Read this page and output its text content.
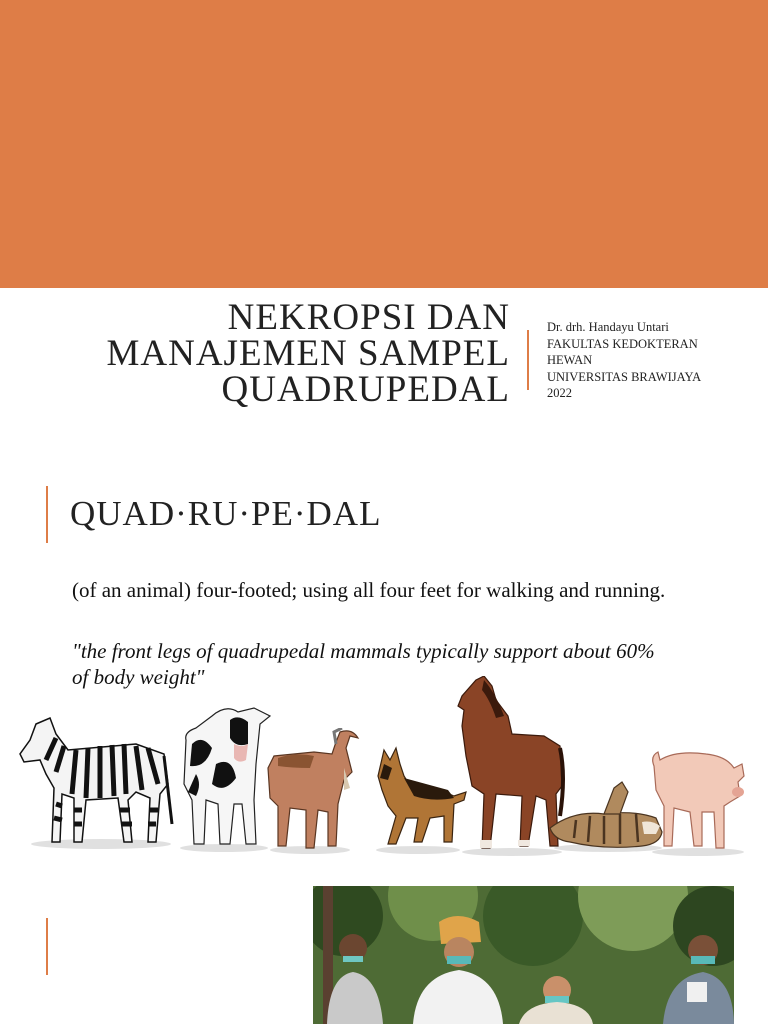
NEKROPSI DAN
MANAJEMEN SAMPEL
QUADRUPEDAL
Dr. drh. Handayu Untari
FAKULTAS KEDOKTERAN
HEWAN
UNIVERSITAS BRAWIJAYA
2022
QUAD·RU·PE·DAL
(of an animal) four-footed; using all four feet for walking and running.
"the front legs of quadrupedal mammals typically support about 60% of body weight"
